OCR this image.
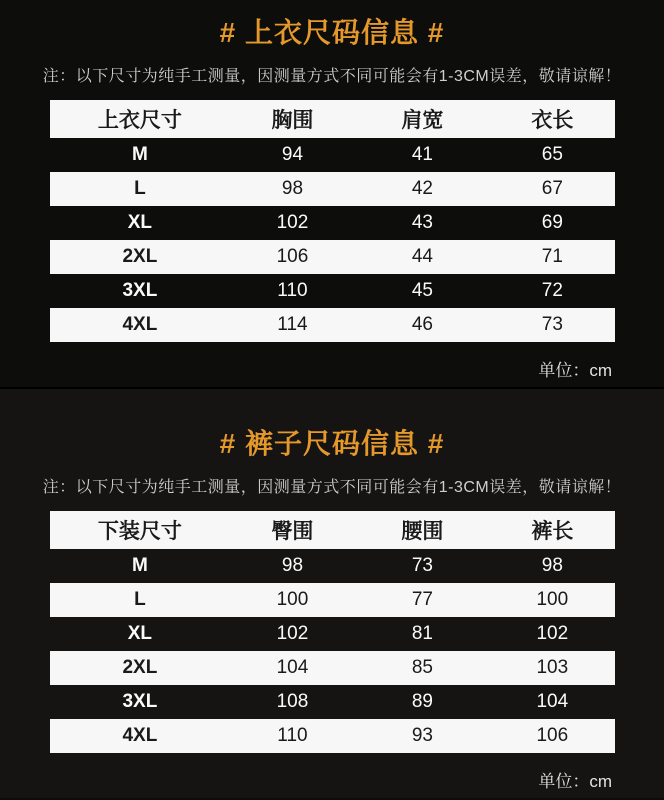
# 上衣尺码信息 #
注：以下尺寸为纯手工测量，因测量方式不同可能会有1-3CM误差，敬请谅解！
上衣尺寸	胸围	肩宽	衣长
M	94	41	65
L	98	42	67
XL	102	43	69
2XL	106	44	71
3XL	110	45	72
4XL	114	46	73
单位：cm
# 裤子尺码信息 #
注：以下尺寸为纯手工测量，因测量方式不同可能会有1-3CM误差，敬请谅解！
下装尺寸	臀围	腰围	裤长
M	98	73	98
L	100	77	100
XL	102	81	102
2XL	104	85	103
3XL	108	89	104
4XL	110	93	106
单位：cm
